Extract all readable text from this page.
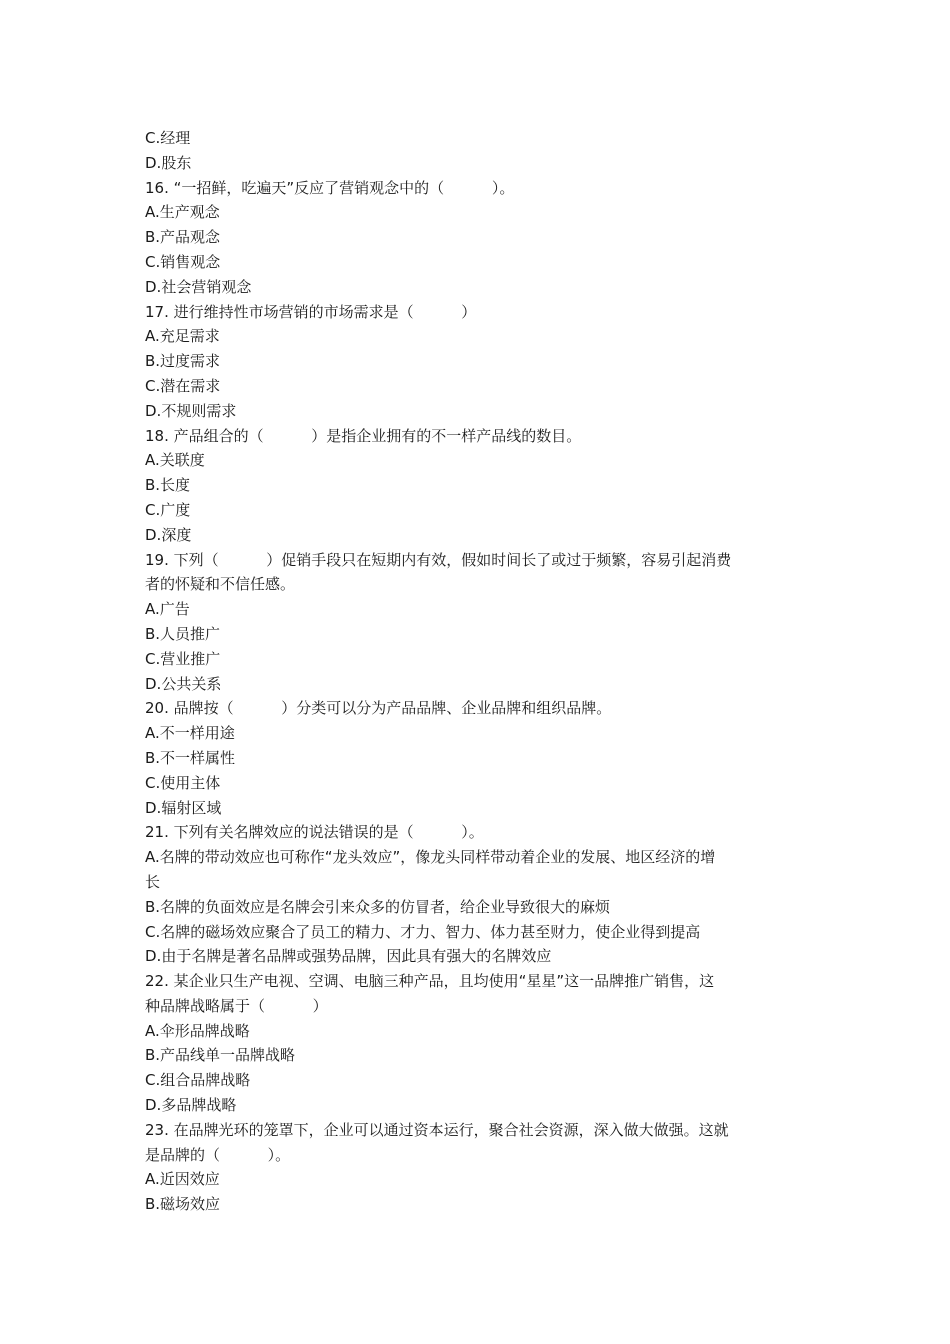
C.经理

D.股东

16. “一招鲜，吃遍天”反应了营销观念中的（          ）。

A.生产观念

B.产品观念

C.销售观念

D.社会营销观念

17. 进行维持性市场营销的市场需求是（          ）

A.充足需求

B.过度需求

C.潜在需求

D.不规则需求

18. 产品组合的（          ）是指企业拥有的不一样产品线的数目。

A.关联度

B.长度

C.广度

D.深度

19. 下列（          ）促销手段只在短期内有效，假如时间长了或过于频繁，容易引起消费

者的怀疑和不信任感。

A.广告

B.人员推广

C.营业推广

D.公共关系

20. 品牌按（          ）分类可以分为产品品牌、企业品牌和组织品牌。

A.不一样用途

B.不一样属性

C.使用主体

D.辐射区域

21. 下列有关名牌效应的说法错误的是（          ）。

A.名牌的带动效应也可称作“龙头效应”，像龙头同样带动着企业的发展、地区经济的增

长

B.名牌的负面效应是名牌会引来众多的仿冒者，给企业导致很大的麻烦

C.名牌的磁场效应聚合了员工的精力、才力、智力、体力甚至财力，使企业得到提高

D.由于名牌是著名品牌或强势品牌，因此具有强大的名牌效应

22. 某企业只生产电视、空调、电脑三种产品，且均使用“星星”这一品牌推广销售，这

种品牌战略属于（          ）

A.伞形品牌战略

B.产品线单一品牌战略

C.组合品牌战略

D.多品牌战略

23. 在品牌光环的笼罩下，企业可以通过资本运行，聚合社会资源，深入做大做强。这就

是品牌的（          ）。

A.近因效应

B.磁场效应
